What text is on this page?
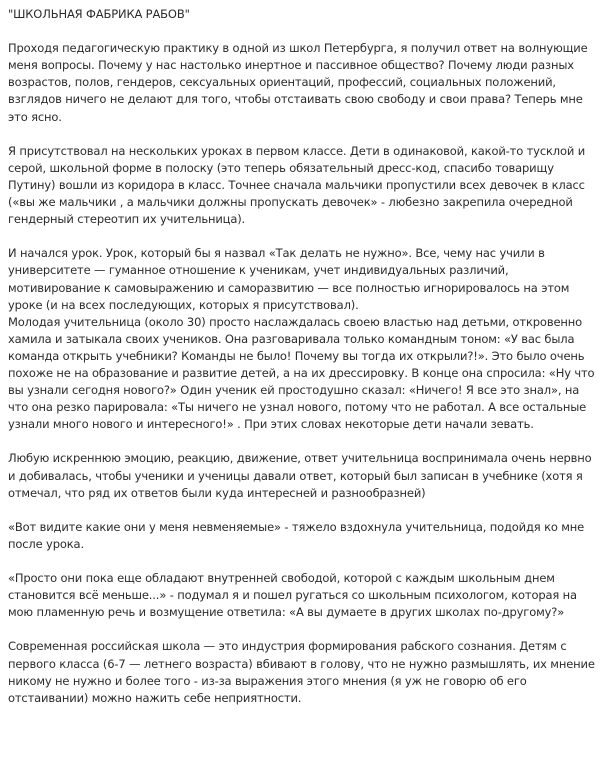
"ШКОЛЬНАЯ ФАБРИКА РАБОВ"

Проходя педагогическую практику в одной из школ Петербурга, я получил ответ на волнующие меня вопросы. Почему у нас настолько инертное и пассивное общество? Почему люди разных возрастов, полов, гендеров, сексуальных ориентаций, профессий, социальных положений, взглядов ничего не делают для того, чтобы отстаивать свою свободу и свои права? Теперь мне это ясно.

Я присутствовал на нескольких уроках в первом классе. Дети в одинаковой, какой-то тусклой и серой, школьной форме в полоску (это теперь обязательный дресс-код, спасибо товарищу Путину) вошли из коридора в класс. Точнее сначала мальчики пропустили всех девочек в класс («вы же мальчики , а мальчики должны пропускать девочек» - любезно закрепила очередной гендерный стереотип их учительница).

И начался урок. Урок, который бы я назвал «Так делать не нужно». Все, чему нас учили в университете — гуманное отношение к ученикам, учет индивидуальных различий, мотивирование к самовыражению и саморазвитию — все полностью игнорировалось на этом уроке (и на всех последующих, которых я присутствовал).

Молодая учительница (около 30) просто наслаждалась своею властью над детьми, откровенно хамила и затыкала своих учеников. Она разговаривала только командным тоном: «У вас была команда открыть учебники? Команды не было! Почему вы тогда их открыли?!». Это было очень похоже не на образование и развитие детей, а на их дрессировку. В конце она спросила: «Ну что вы узнали сегодня нового?» Один ученик ей простодушно сказал: «Ничего! Я все это знал», на что она резко парировала: «Ты ничего не узнал нового, потому что не работал. А все остальные узнали много нового и интересного!» . При этих словах некоторые дети начали зевать.

Любую искреннюю эмоцию, реакцию, движение, ответ учительница воспринимала очень нервно и добивалась, чтобы ученики и ученицы давали ответ, который был записан в учебнике (хотя я отмечал, что ряд их ответов были куда интересней и разнообразней)

«Вот видите какие они у меня невменяемые» - тяжело вздохнула учительница, подойдя ко мне после урока.

«Просто они пока еще обладают внутренней свободой, которой с каждым школьным днем становится всё меньше...» - подумал я и пошел ругаться со школьным психологом, которая на мою пламенную речь и возмущение ответила: «А вы думаете в других школах по-другому?»

Современная российская школа — это индустрия формирования рабского сознания. Детям с первого класса (6-7 — летнего возраста) вбивают в голову, что не нужно размышлять, их мнение никому не нужно и более того - из-за выражения этого мнения (я уж не говорю об его отстаивании) можно нажить себе неприятности.
